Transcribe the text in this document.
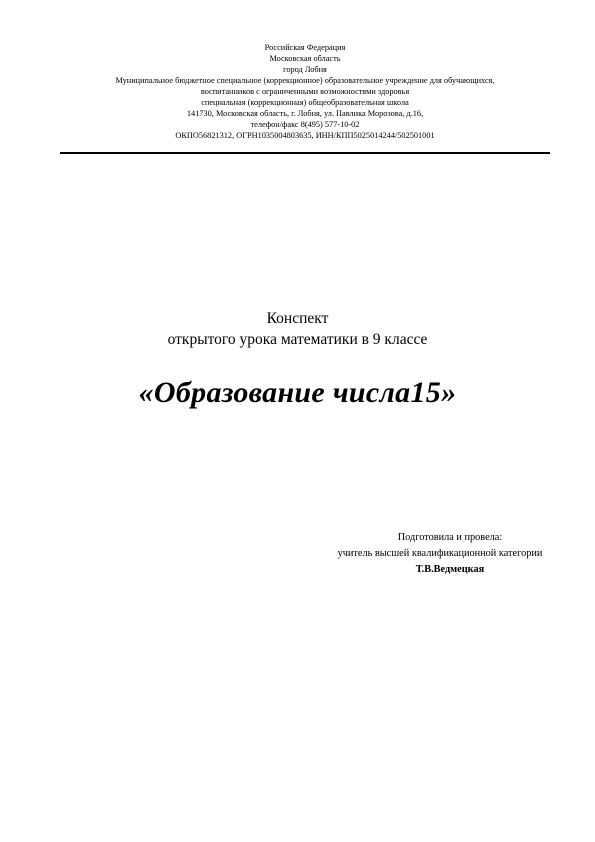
Российская Федерация
Московская область
город Лобня
Муниципальное бюджетное специальное (коррекционное) образовательное учреждение для обучающихся,
воспитанников с ограниченными возможностями здоровья
специальная (коррекционная) общеобразовательная школа
141730, Московская область, г. Лобня, ул. Павлика Морозова, д.16,
телефон/факс 8(495) 577-10-02
ОКПО56821312, ОГРН1035004803635, ИНН/КПП5025014244/502501001
Конспект
открытого урока математики в 9 классе
«Образование числа15»
Подготовила и провела:
учитель высшей квалификационной категории
Т.В.Ведмецкая
